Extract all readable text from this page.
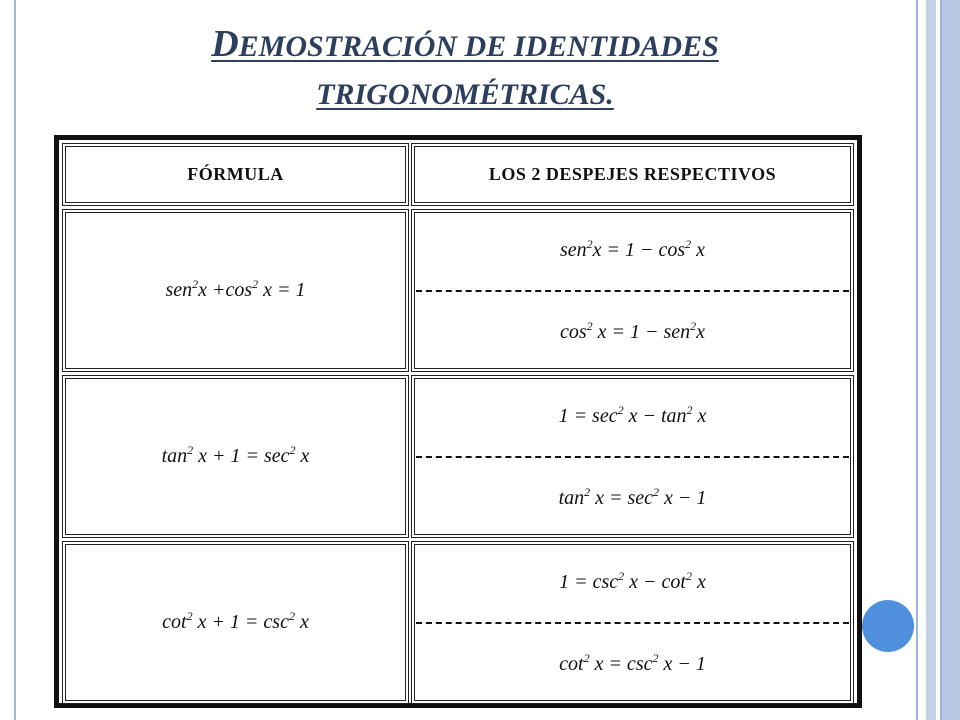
DEMOSTRACIÓN DE IDENTIDADES
TRIGONOMÉTRICAS.
FÓRMULA	LOS 2 DESPEJES RESPECTIVOS
$sen^2x +\cos^2$ x = 1
$sen^2x = 1 - \cos^2 x$
$\cos^2 x = 1 - sen^2x$
$\tan^2 x + 1 = \sec^2 x$
$1 = \sec^2 x - \tan^2 x$
$\tan^2 x = \sec^2 x - 1$
$\cot^2 x + 1 = \csc^2 x$
$1 = \csc^2 x - \cot^2 x$
$\cot^2 x = \csc^2 x - 1$
